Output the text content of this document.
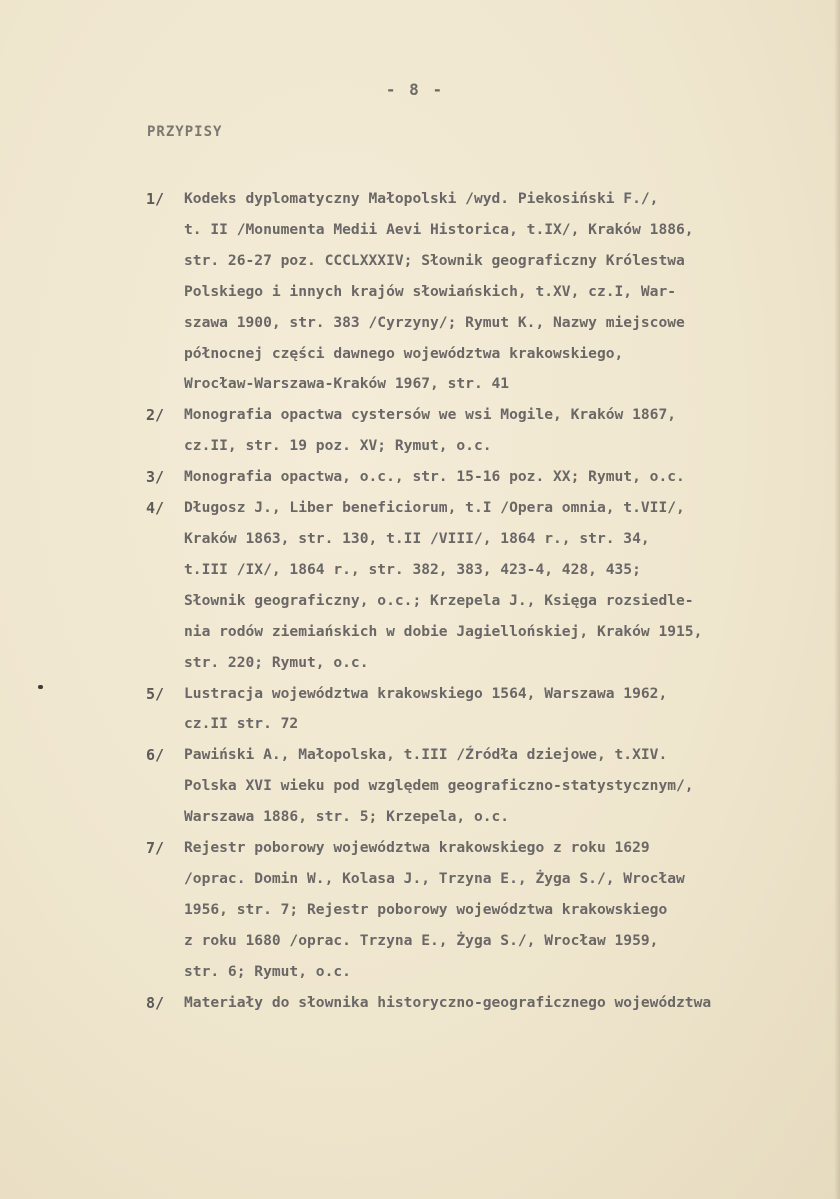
- 8 -
PRZYPISY
1/	Kodeks dyplomatyczny Małopolski /wyd. Piekosiński F./,
t. II /Monumenta Medii Aevi Historica, t.IX/, Kraków 1886,
str. 26-27 poz. CCCLXXXIV; Słownik geograficzny Królestwa
Polskiego i innych krajów słowiańskich, t.XV, cz.I, War-
szawa 1900, str. 383 /Cyrzyny/; Rymut K., Nazwy miejscowe
północnej części dawnego województwa krakowskiego,
Wrocław-Warszawa-Kraków 1967, str. 41
2/	Monografia opactwa cystersów we wsi Mogile, Kraków 1867,
cz.II, str. 19 poz. XV; Rymut, o.c.
3/	Monografia opactwa, o.c., str. 15-16 poz. XX; Rymut, o.c.
4/	Długosz J., Liber beneficiorum, t.I /Opera omnia, t.VII/,
Kraków 1863, str. 130, t.II /VIII/, 1864 r., str. 34,
t.III /IX/, 1864 r., str. 382, 383, 423-4, 428, 435;
Słownik geograficzny, o.c.; Krzepela J., Księga rozsiedle-
nia rodów ziemiańskich w dobie Jagiellońskiej, Kraków 1915,
str. 220; Rymut, o.c.
5/	Lustracja województwa krakowskiego 1564, Warszawa 1962,
cz.II str. 72
6/	Pawiński A., Małopolska, t.III /Źródła dziejowe, t.XIV.
Polska XVI wieku pod względem geograficzno-statystycznym/,
Warszawa 1886, str. 5; Krzepela, o.c.
7/	Rejestr poborowy województwa krakowskiego z roku 1629
/oprac. Domin W., Kolasa J., Trzyna E., Żyga S./, Wrocław
1956, str. 7; Rejestr poborowy województwa krakowskiego
z roku 1680 /oprac. Trzyna E., Żyga S./, Wrocław 1959,
str. 6; Rymut, o.c.
8/	Materiały do słownika historyczno-geograficznego województwa
